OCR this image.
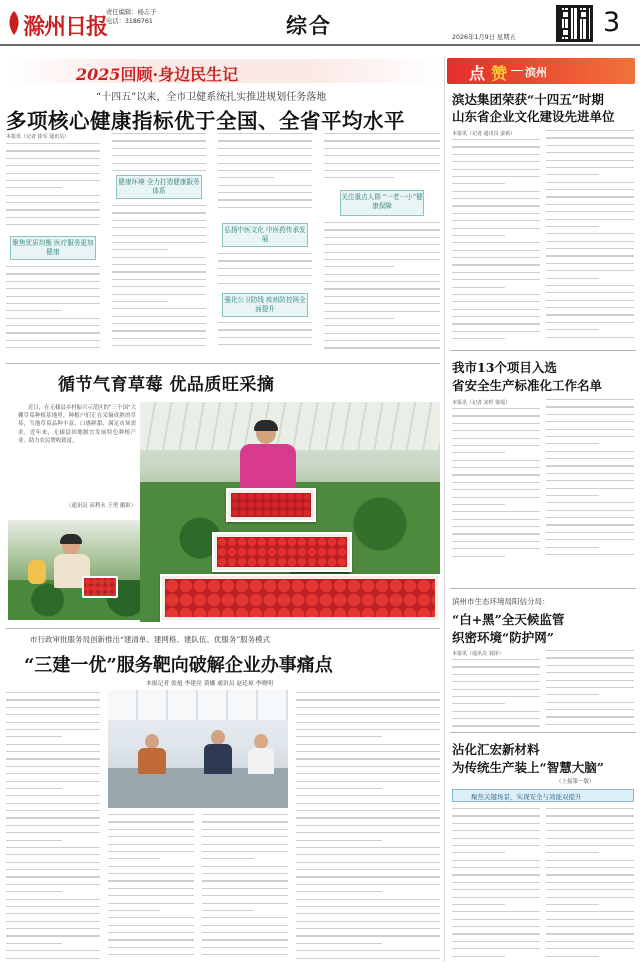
滁州日报
责任编辑：杨志子
电话：3186761	综合	3
2026年1月9日 星期五
2025回顾·身边民生记	点 赞 滨州
“十四五”以来，全市卫健系统扎实推进规划任务落地
多项核心健康指标优于全国、全省平均水平
本报讯（记者 徐军 通讯员）
聚焦优质均衡 医疗服务更加健康
健康环境 全力打造健康服务体系
弘扬中医文化 中医药传承发展
强化公卫防线 疾病防控网全面提升
关注重点人群 “一老一小”健康保障
滨达集团荣获“十四五”时期
山东省企业文化建设先进单位
本报讯（记者 通讯员 姜新）
我市13个项目入选
省安全生产标准化工作名单
本报讯（记者 宋纤 徐瑶）
滨州市生态环境局阳信分局：
“白+黑”全天候监管
织密环境“防护网”
本报讯（通讯员 刘泽）
沾化汇宏新材料
为传统生产装上“智慧大脑”
（上接第一版）
聚焦关键场景，实现安全与效能双提升
循节气育草莓 优品质旺采摘
近日，在无棣县乡村振兴示范区的“三个国”大棚草莓种植基地里，种植户们正在采摘成熟的草莓，当地草莓品种丰富、口感鲜甜，满足市场需求。近年来，无棣县因地制宜发展特色种植产业，助力农民增收致富。
（通讯员 高利永 王勇 摄影）
市行政审批服务局创新推出“建清单、建网格、建队伍、优服务”服务模式
“三建一优”服务靶向破解企业办事痛点
本报记者 张旭 李建亮 黄娜 通讯员 赵廷琼 李晓明
